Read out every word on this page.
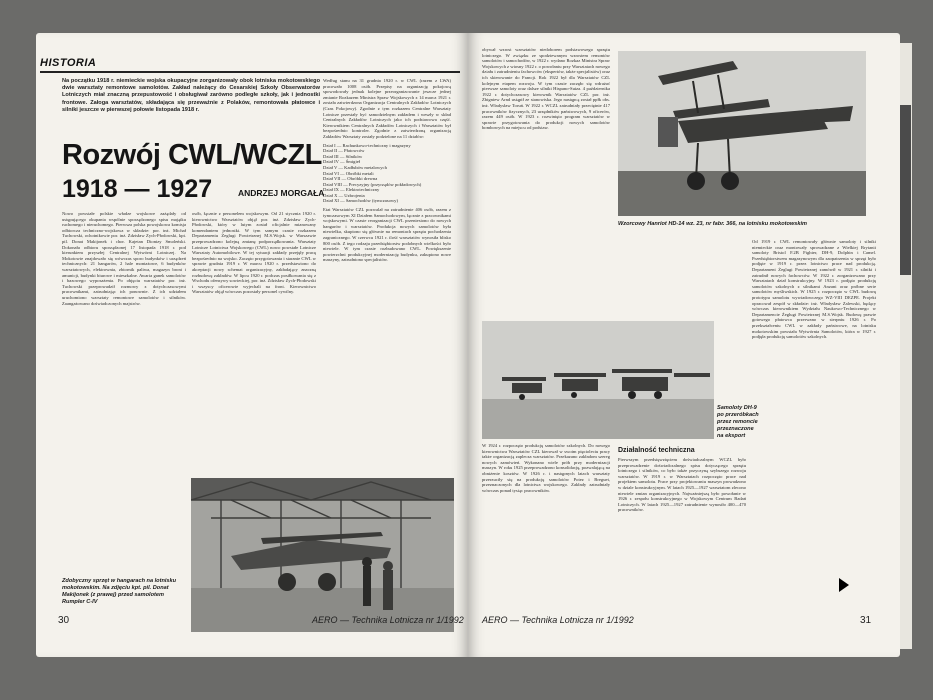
HISTORIA

Na początku 1918 r. niemieckie wojska okupacyjne zorganizowały obok lotniska mokotowskiego dwie warsztaty remontowe samolotów. Zakład należący do Cesarskiej Szkoły Obserwatorów Lotniczych miał znaczną przepustowość i obsługiwał zarówno podległe szkoły, jak i jednostki frontowe. Załoga warsztatów, składająca się przeważnie z Polaków, remontowała płatowce i silniki jeszcze w pierwszej połowie listopada 1918 r.

Rozwój CWL/WCZL
1918 — 1927	ANDRZEJ MORGAŁA

Nowo powstałe polskie władze wojskowe zażądały od ustępującego okupanta wspólnie sporządzonego spisu majątku ruchomego i nieruchomego. Pierwsza polska powojskowa komisja odbiorcza techniczno-wojskowa w składzie: por. inż. Michał Tuchowski, ochotnikowie por. inż. Zdzisław Zych-Płodowski, kpt. pil. Donat Makijonek i chor. Kajetan Dionizy Smoleński. Dokonała odbioru sporządzonej 17 listopada 1918 r. pod kierunkiem przyszłej Centralnej Wytwórni Lotniczej. Na Mokotowie znajdowało się wówczas sporo budynków i urządzeń technicznych: 21 hangarów, 2 hale montażowe, 6 budynków warsztatowych, elektrownia, zbiornik paliwa, magazyn broni i amunicji, budynki biurowe i mieszkalne. Awaria ganek samolotów i bazowego wyposażenia. Po objęciu warsztatów por. inż. Tuchowski przeprowadził rozmowy z dotychczasowymi pracownikami, zatrudniając ich ponownie. Z ich udziałem uruchomiono warsztaty remontowe samolotów i silników. Zaangażowano doświadczonych majstrów.

osób, łącznie z personelem wojskowym. Od 21 stycznia 1920 r. kierownictwo Warsztatów objął por. inż. Zdzisław Zych-Płodowski, który w lutym został oficjalnie mianowany komendantem jednostki. W tym samym czasie rozkazem Departamentu Żeglugi Powietrznej M.S.Wojsk. w Warszawie przeprowadzono kolejną zmianę podporządkowania. Warsztaty Lotnicze Lotnictwa Wojskowego (CWL) nowo powstałe Lotnicze Warsztaty Automobilowe. W tej sytuacji zakłady przejęły pracę bezpośrednio na wojsko. Zaczęto przygotowania i staranie CWL w sprawie grudnia 1919 r. W marcu 1920 r. przedstawiono do akceptacji nowy schemat organizacyjny, zakładający znaczną rozbudowę zakładów. W lipcu 1920 r. podczas posiłkowania się z Wschodu ofensywy sowieckiej, por. inż. Zdzisław Zych-Płodowski i wszyscy oficerowie wyjechali na front. Kierownictwo Warsztatów objął wówczas pozostały personel cywilny.

Według stanu na 31 grudnia 1920 r. w CWL (razem z LWA) pracowało 1008 osób. Przepisy na organizację pokojową spowodowały jednak kolejne przeorganizowanie jeszcze jednej zmianie Rozkazem Ministra Spraw Wojskowych z 14 marca 1921 r. została zatwierdzona Organizacja Centralnych Zakładów Lotniczych (Czas Pokojowy). Zgodnie z tym rozkazem Centralne Warsztaty Lotnicze przestały być samodzielnym zakładem i weszły w skład Centralnych Zakładów Lotniczych jako ich podstawowa część. Kierownikiem Centralnych Zakładów Lotniczych i Warsztatów był bezpośrednio kontroler. Zgodnie z zatwierdzoną organizacją Zakładów Warsztaty zostały podzielone na 11 działów:

Dział I — Rachunkowo-techniczny i magazyny

Dział II — Płatowców

Dział III — Silników

Dział IV — Śmigieł

Dział V — Kadłubów metalowych

Dział VI — Obróbki metali

Dział VII — Obróbki drewna

Dział VIII — Precyzyjny (przyrządów pokładowych)

Dział IX — Elektrotechniczny

Dział X — Uzbrojenia

Dział XI — Samochodów (tymczasowy)

Etat Warsztatów CZL pozwalał na zatrudnienie 406 osób, razem z tymczasowym XI Działem Samochodowym, łącznie z pracownikami wojskowymi. W czasie reorganizacji CWL przeniesiono do nowych hangarów i warsztatów. Produkcja nowych samolotów była niewielka, skupiono się głównie na remontach sprzętu pochodzenia zagranicznego. W czerwcu 1921 r. ilość warsztatów wynosiła blisko 800 osób. Z tego rodzaju przedsiębiorstw podobnych wielkości było niewiele. W tym czasie rozbudowano CWL. Powiększenie powierzchni produkcyjnej modernizację budynku, zakupiono nowe maszyny, zatrudniono specjalistów.

Zdobyczny sprzęt w hangarach na lotnisku mokotowskim. Na zdjęciu kpt. pil. Donat Makijonek (z prawej) przed samolotem Rumpler C-IV

30	AERO — Technika Lotnicza nr 1/1992

obywał wzrost warsztatów niedoborem podstawowego sprzętu lotniczego. W związku ze spodziewanym wzrostem remontów samolotów i samochodów, w 1922 r. wydano Rozkaz Ministra Spraw Wojskowych z wiosny 1922 r. o powołaniu przy Warsztatach nowego działu i zatrudnieniu fachowców (ekspertów, także specjalistów) oraz ich skierowanie do Francji. Rok 1922 był dla Warsztatów CZL kolejnym etapem rozwoju. W tym czasie zaczęło się wdrażać pierwsze samoloty oraz dalsze silniki Hispano-Suiza. 4 października 1922 r. dotychczasowy kierownik Warsztatów CZL por. inż. Zbigniew Arnd ustąpił ze stanowiska. Jego następcą został ppłk obs. inż. Władysław Toruń. W 1922 r. WCZL zatrudniały przeciętnie 417 pracowników fizycznych, 23 urzędników państwowych, 9 oficerów, razem 449 osób. W 1923 r. rozwinięto program warsztatów w sprawie przygotowania do produkcji nowych samolotów bombowych na miejscu od podstaw.

Wzorcowy Hanriot HD-14 wz. 23, nr fabr. 366, na lotnisku mokotowskim

Samoloty DH-9 po przeróbkach przez remoncie przeznaczone na eksport

W 1924 r. rozpoczęto produkcję samolotów szkolnych. Do nowego kierownictwa Warsztatów CZL kierował w swoim pięcioleciu pracy także organizacją zaplecza warsztatów. Przekazano zakładom szereg nowych zamówień. Wykonano wiele prób przy modernizacji maszyn. W roku 1925 przeprowadzono konsolidację, pozwalającą na obniżenie kosztów. W 1926 r. i następnych latach warsztaty przerzuciły się na produkcję samolotów Potez i Breguet, przeznaczonych dla lotnictwa wojskowego. Zakłady zatrudniały wówczas ponad tysiąc pracowników.

Działalność techniczna

Pierwszym przedsięwzięciem doświadczalnym WCZL było przeprowadzenie doświadczalnego spisu dotyczącego sprzętu lotniczego i silników, co było także przyczyną szybszego rozwoju warsztatów. W 1919 r. w Warsztatach rozpoczęto prace nad projektem samolotu. Prace przy projektowaniu maszyn prowadzono w dziale konstrukcyjnym. W latach 1925—1927 warsztatom zlecono niewiele zmian organizacyjnych. Najważniejszą było powołanie w 1926 r. zespołu konstrukcyjnego w Wojskowym Centrum Badań Lotniczych. W latach 1925—1927 zatrudnienie wynosiło 400—470 pracowników.

Od 1919 r. CWL remontowały głównie samoloty i silniki niemieckie oraz montowały sprowadzane z Wielkiej Brytanii samoloty Bristol F.2B Fighter, DH-9, Dolphin i Camel. Przedsiębiorstwem magazynowym dla zaopatrzenia w sprzęt było podjęte w 1919 r. przez lotnictwo prace nad produkcją. Departament Żeglugi Powietrznej zamówił w 1921 r. silniki i zatrudnił nowych fachowców. W 1922 r. zorganizowano przy Warsztatach dział konstrukcyjny. W 1923 r. podjęto produkcję samolotów szkolnych z silnikami Anzani oraz próbne serie samolotów myśliwskich. W 1925 r. rozpoczęto w CWL budowę prototypu samolotu wywiadowczego WZ-VIII DEZPE. Projekt opracował zespół w składzie: inż. Władysław Zalewski, będący wówczas kierownikiem Wydziału Naukowo-Technicznego w Departamencie Żeglugi Powietrznej M.S.Wojsk. Budowę prawie gotowego płatowca przerwano w sierpniu 1926 r. Po przekształceniu CWL w zakłady państwowe, na lotnisku mokotowskim powstała Wytwórnia Samolotów, która w 1927 r. podjęła produkcję samolotów szkolnych.

AERO — Technika Lotnicza nr 1/1992	31
